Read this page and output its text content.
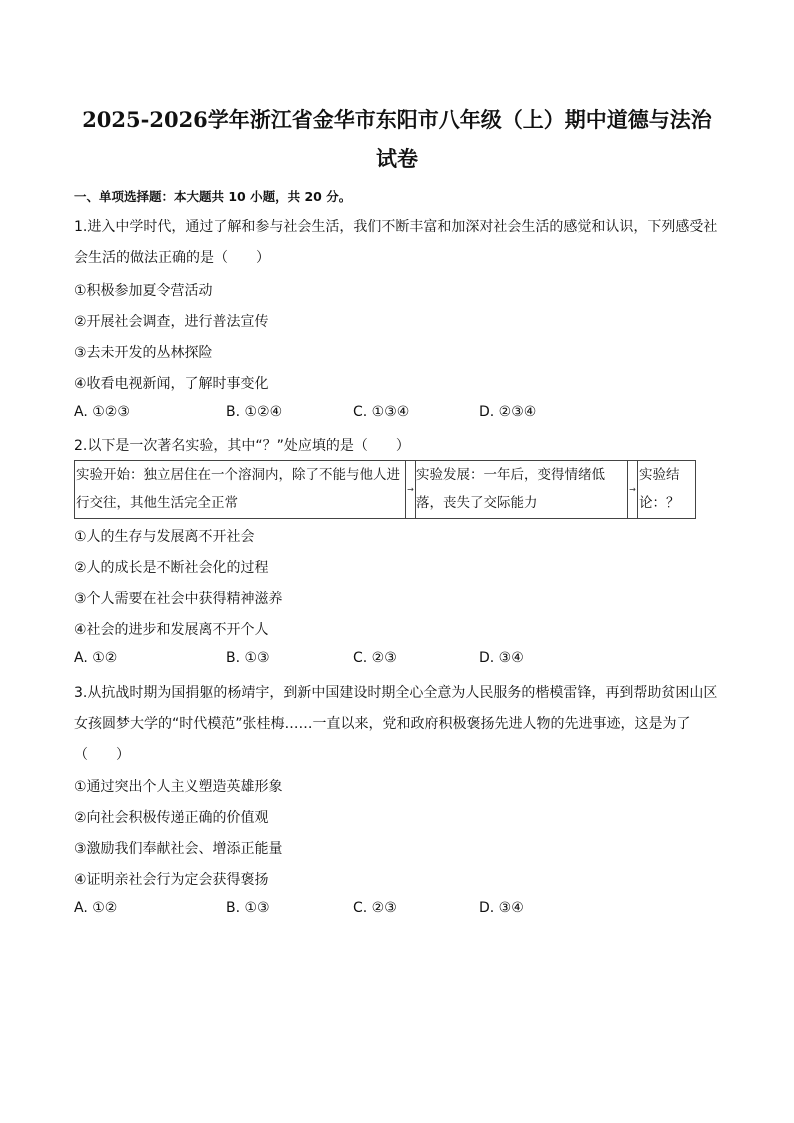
2025-2026学年浙江省金华市东阳市八年级（上）期中道德与法治试卷
一、单项选择题：本大题共 10 小题，共 20 分。
1.进入中学时代，通过了解和参与社会生活，我们不断丰富和加深对社会生活的感觉和认识，下列感受社会生活的做法正确的是（　　）
①积极参加夏令营活动
②开展社会调查，进行普法宣传
③去未开发的丛林探险
④收看电视新闻，了解时事变化
A. ①②③	B. ①②④	C. ①③④	D. ②③④
2.以下是一次著名实验，其中“？”处应填的是（　　）
实验开始：独立居住在一个溶洞内，除了不能与他人进行交往，其他生活完全正常
→
实验发展：一年后，变得情绪低落，丧失了交际能力
→
实验结论：？
①人的生存与发展离不开社会
②人的成长是不断社会化的过程
③个人需要在社会中获得精神滋养
④社会的进步和发展离不开个人
A. ①②	B. ①③	C. ②③	D. ③④
3.从抗战时期为国捐躯的杨靖宇，到新中国建设时期全心全意为人民服务的楷模雷锋，再到帮助贫困山区女孩圆梦大学的“时代模范”张桂梅……一直以来，党和政府积极褒扬先进人物的先进事迹，这是为了（　　）
①通过突出个人主义塑造英雄形象
②向社会积极传递正确的价值观
③激励我们奉献社会、增添正能量
④证明亲社会行为定会获得褒扬
A. ①②	B. ①③	C. ②③	D. ③④
